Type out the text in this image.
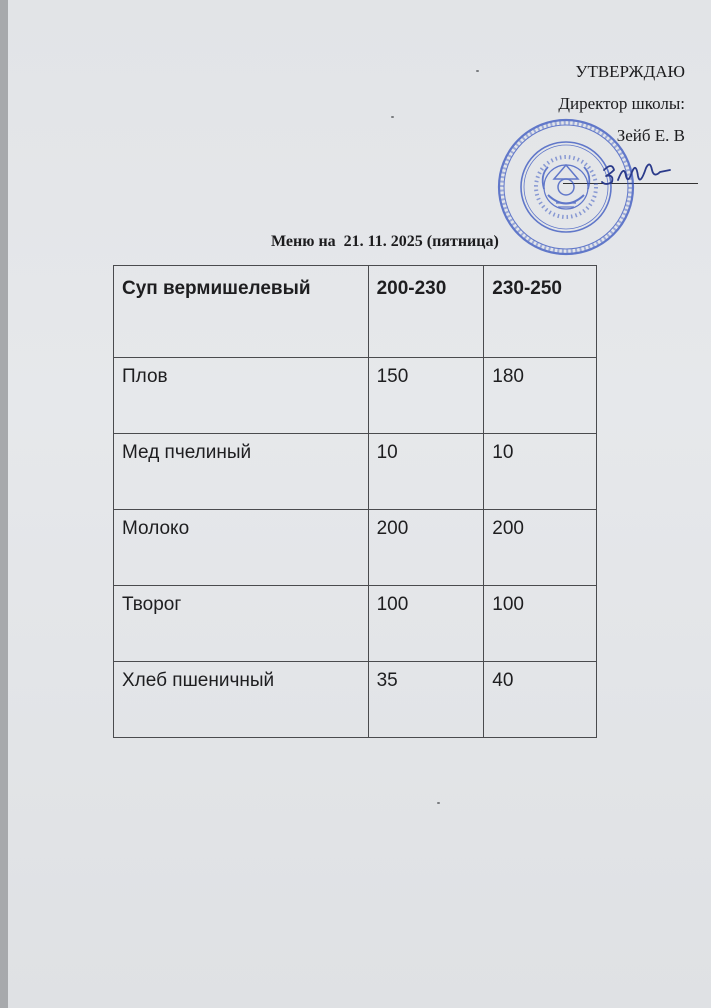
УТВЕРЖДАЮ
Директор школы:
Зейб Е. В
Меню на  21. 11. 2025 (пятница)
Суп вермишелевый	200-230	230-250
Плов	150	180
Мед пчелиный	10	10
Молоко	200	200
Творог	100	100
Хлеб пшеничный	35	40
